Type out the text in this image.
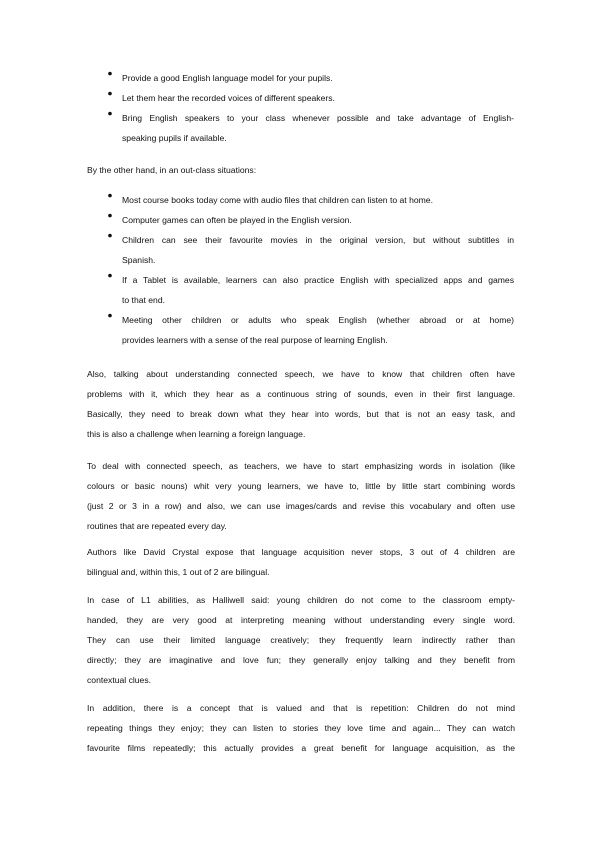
● Provide a good English language model for your pupils.
● Let them hear the recorded voices of different speakers.
● Bring English speakers to your class whenever possible and take advantage of English-
speaking pupils if available.
By the other hand, in an out-class situations:
● Most course books today come with audio files that children can listen to at home.
● Computer games can often be played in the English version.
● Children can see their favourite movies in the original version, but without subtitles in
Spanish.
● If a Tablet is available, learners can also practice English with specialized apps and games
to that end.
● Meeting other children or adults who speak English (whether abroad or at home)
provides learners with a sense of the real purpose of learning English.
Also, talking about understanding connected speech, we have to know that children often have
problems with it, which they hear as a continuous string of sounds, even in their first language.
Basically, they need to break down what they hear into words, but that is not an easy task, and
this is also a challenge when learning a foreign language.
To deal with connected speech, as teachers, we have to start emphasizing words in isolation (like
colours or basic nouns) whit very young learners, we have to, little by little start combining words
(just 2 or 3 in a row) and also, we can use images/cards and revise this vocabulary and often use
routines that are repeated every day.
Authors like David Crystal expose that language acquisition never stops, 3 out of 4 children are
bilingual and, within this, 1 out of 2 are bilingual.
In case of L1 abilities, as Halliwell said: young children do not come to the classroom empty-
handed, they are very good at interpreting meaning without understanding every single word.
They can use their limited language creatively; they frequently learn indirectly rather than
directly; they are imaginative and love fun; they generally enjoy talking and they benefit from
contextual clues.
In addition, there is a concept that is valued and that is repetition: Children do not mind
repeating things they enjoy; they can listen to stories they love time and again... They can watch
favourite films repeatedly; this actually provides a great benefit for language acquisition, as the
